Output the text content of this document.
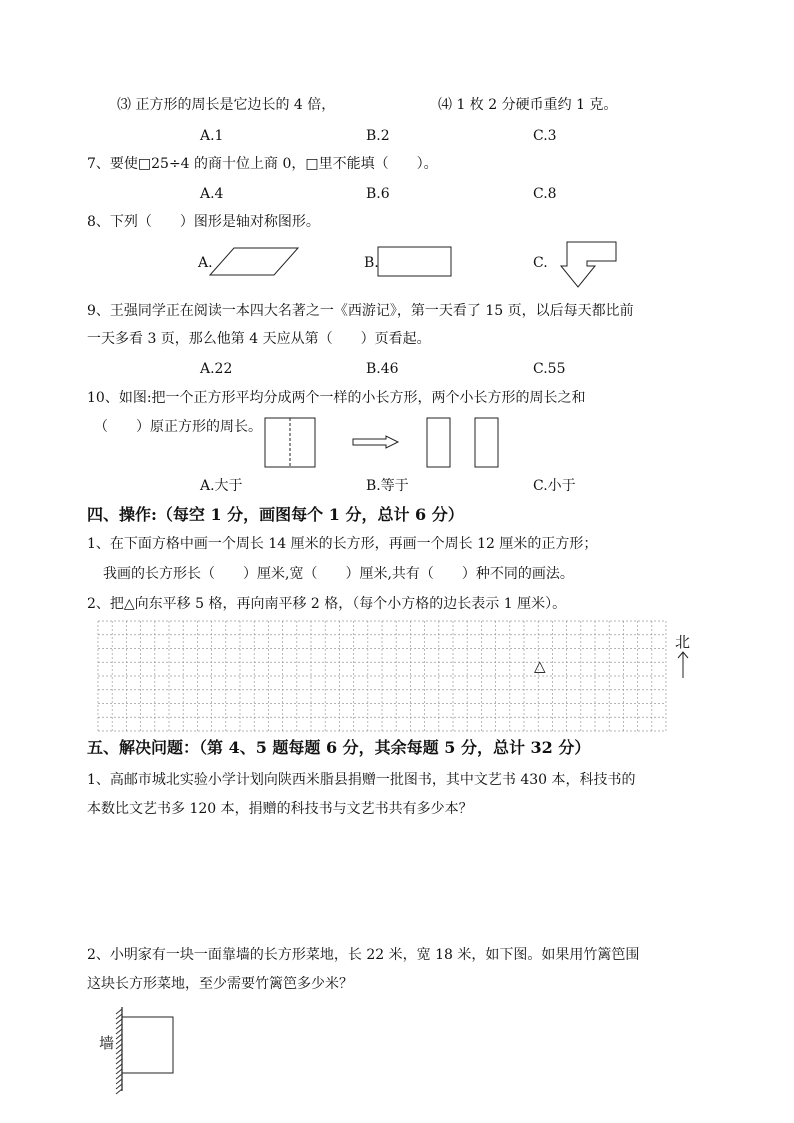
⑶ 正方形的周长是它边长的 4 倍，	⑷ 1 枚 2 分硬币重约 1 克。
A.1	B.2	C.3
7、要使□25÷4 的商十位上商 0，□里不能填（　　）。
A.4	B.6	C.8
8、下列（　　）图形是轴对称图形。
A.	B.	C.
9、王强同学正在阅读一本四大名著之一《西游记》，第一天看了 15 页，以后每天都比前
一天多看 3 页，那么他第 4 天应从第（　　）页看起。
A.22	B.46	C.55
10、如图:把一个正方形平均分成两个一样的小长方形，两个小长方形的周长之和
（　　）原正方形的周长。
A.大于	B.等于	C.小于
四、操作:（每空 1 分，画图每个 1 分，总计 6 分）
1、在下面方格中画一个周长 14 厘米的长方形，再画一个周长 12 厘米的正方形；
我画的长方形长（　　）厘米,宽（　　）厘米,共有（　　）种不同的画法。
2、把△向东平移 5 格，再向南平移 2 格，（每个小方格的边长表示 1 厘米）。
△
北
五、解决问题：（第 4、5 题每题 6 分，其余每题 5 分，总计 32 分）
1、高邮市城北实验小学计划向陕西米脂县捐赠一批图书，其中文艺书 430 本，科技书的
本数比文艺书多 120 本，捐赠的科技书与文艺书共有多少本？
2、小明家有一块一面靠墙的长方形菜地，长 22 米，宽 18 米，如下图。如果用竹篱笆围
这块长方形菜地，至少需要竹篱笆多少米？
墙
